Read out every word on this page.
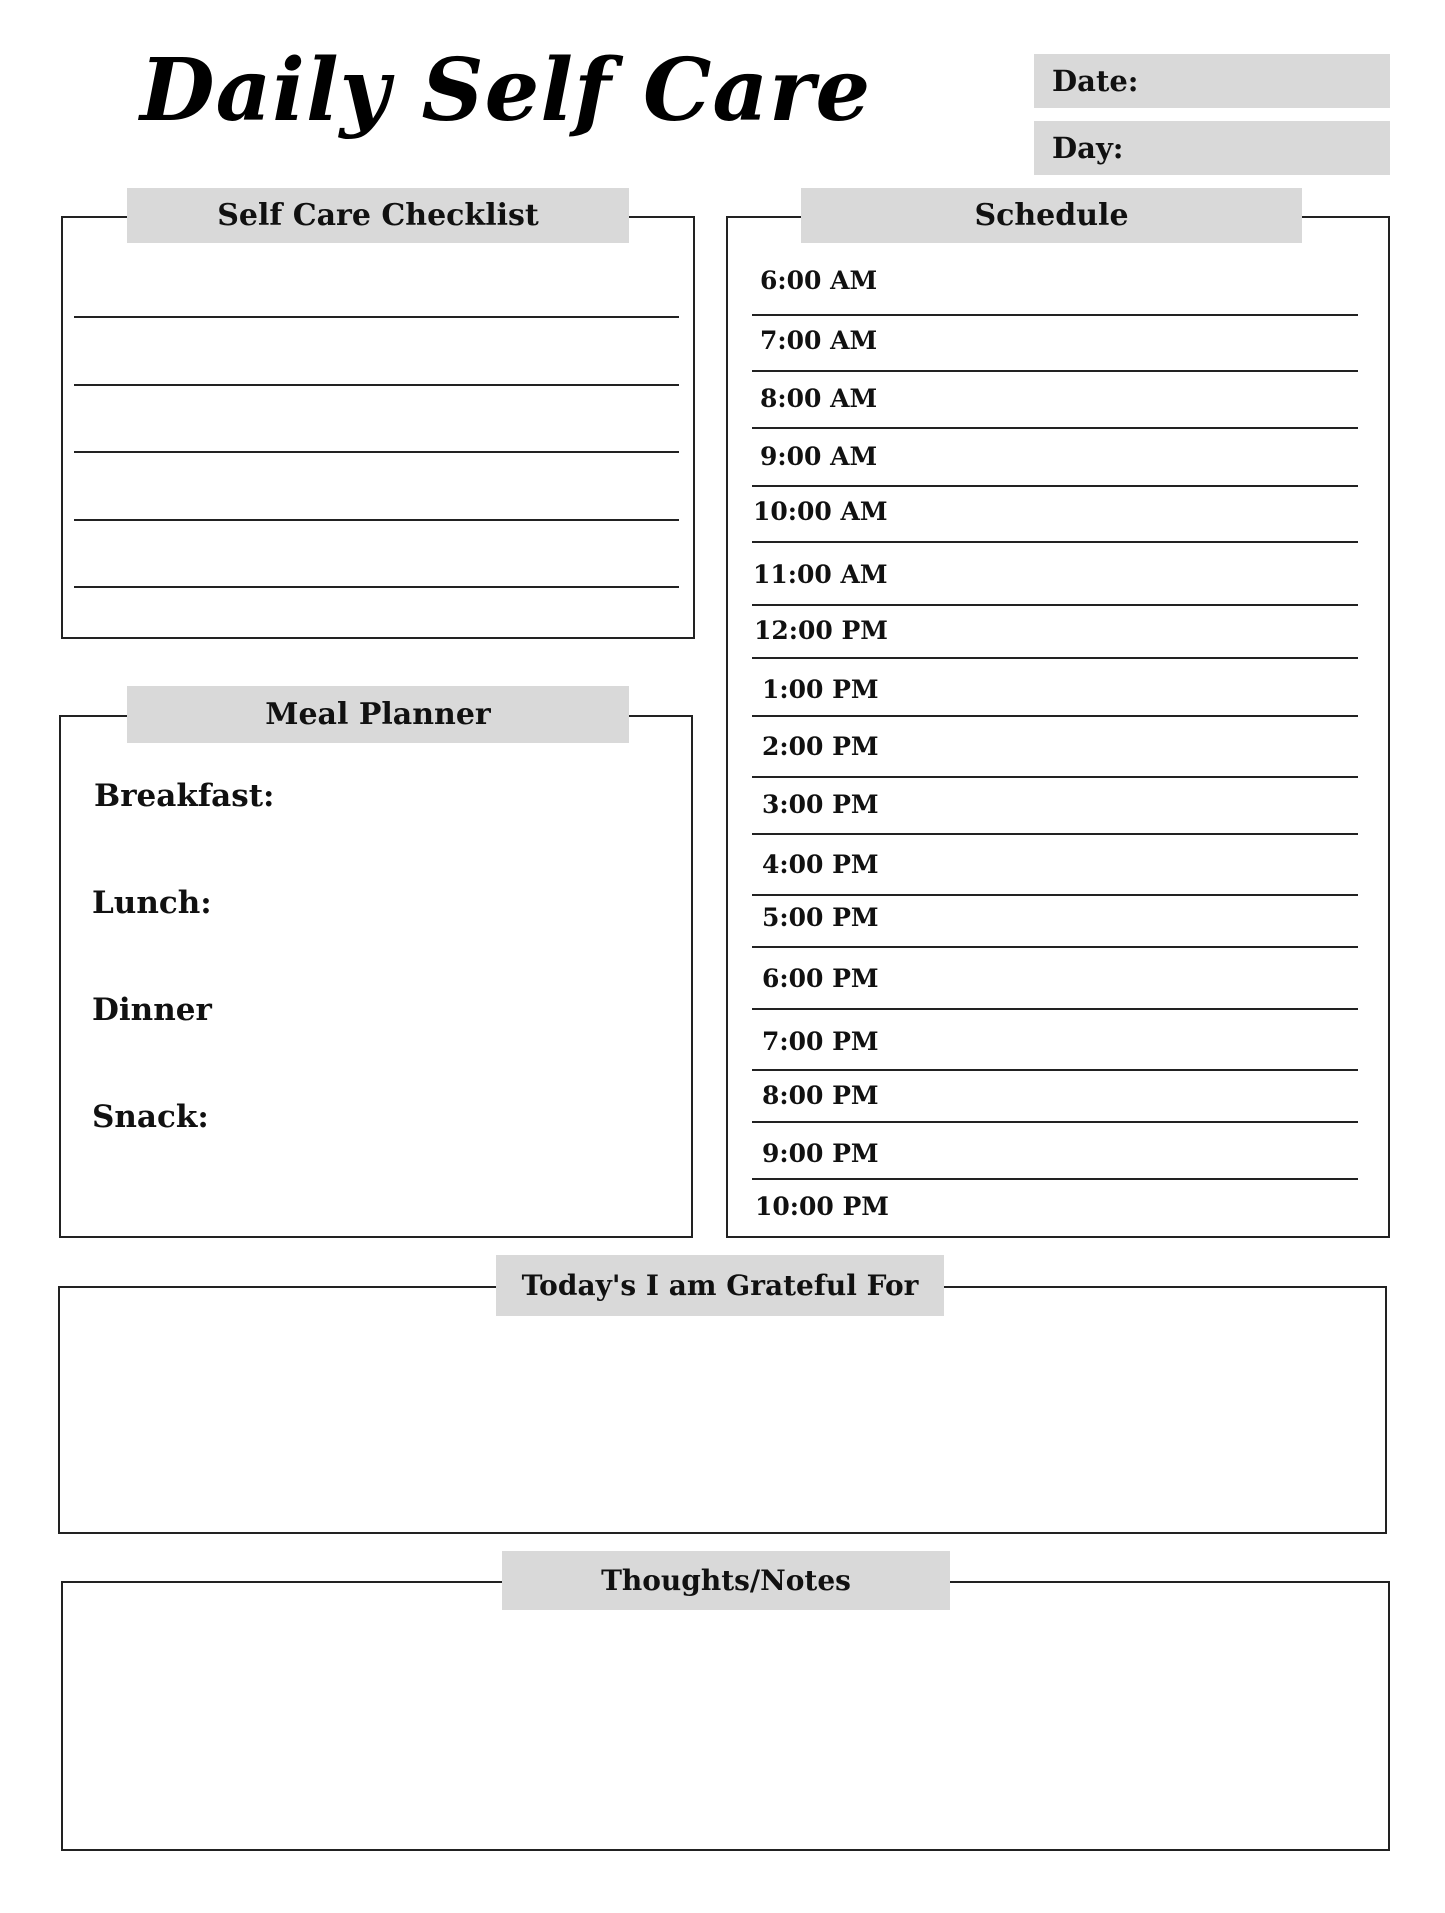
Daily Self Care	Date:
Day:
Self Care Checklist
Meal Planner
Breakfast:
Lunch:
Dinner
Snack:
Schedule
6:00 AM
7:00 AM
8:00 AM
9:00 AM
10:00 AM
11:00 AM
12:00 PM
1:00 PM
2:00 PM
3:00 PM
4:00 PM
5:00 PM
6:00 PM
7:00 PM
8:00 PM
9:00 PM
10:00 PM
Today's I am Grateful For
Thoughts/Notes
